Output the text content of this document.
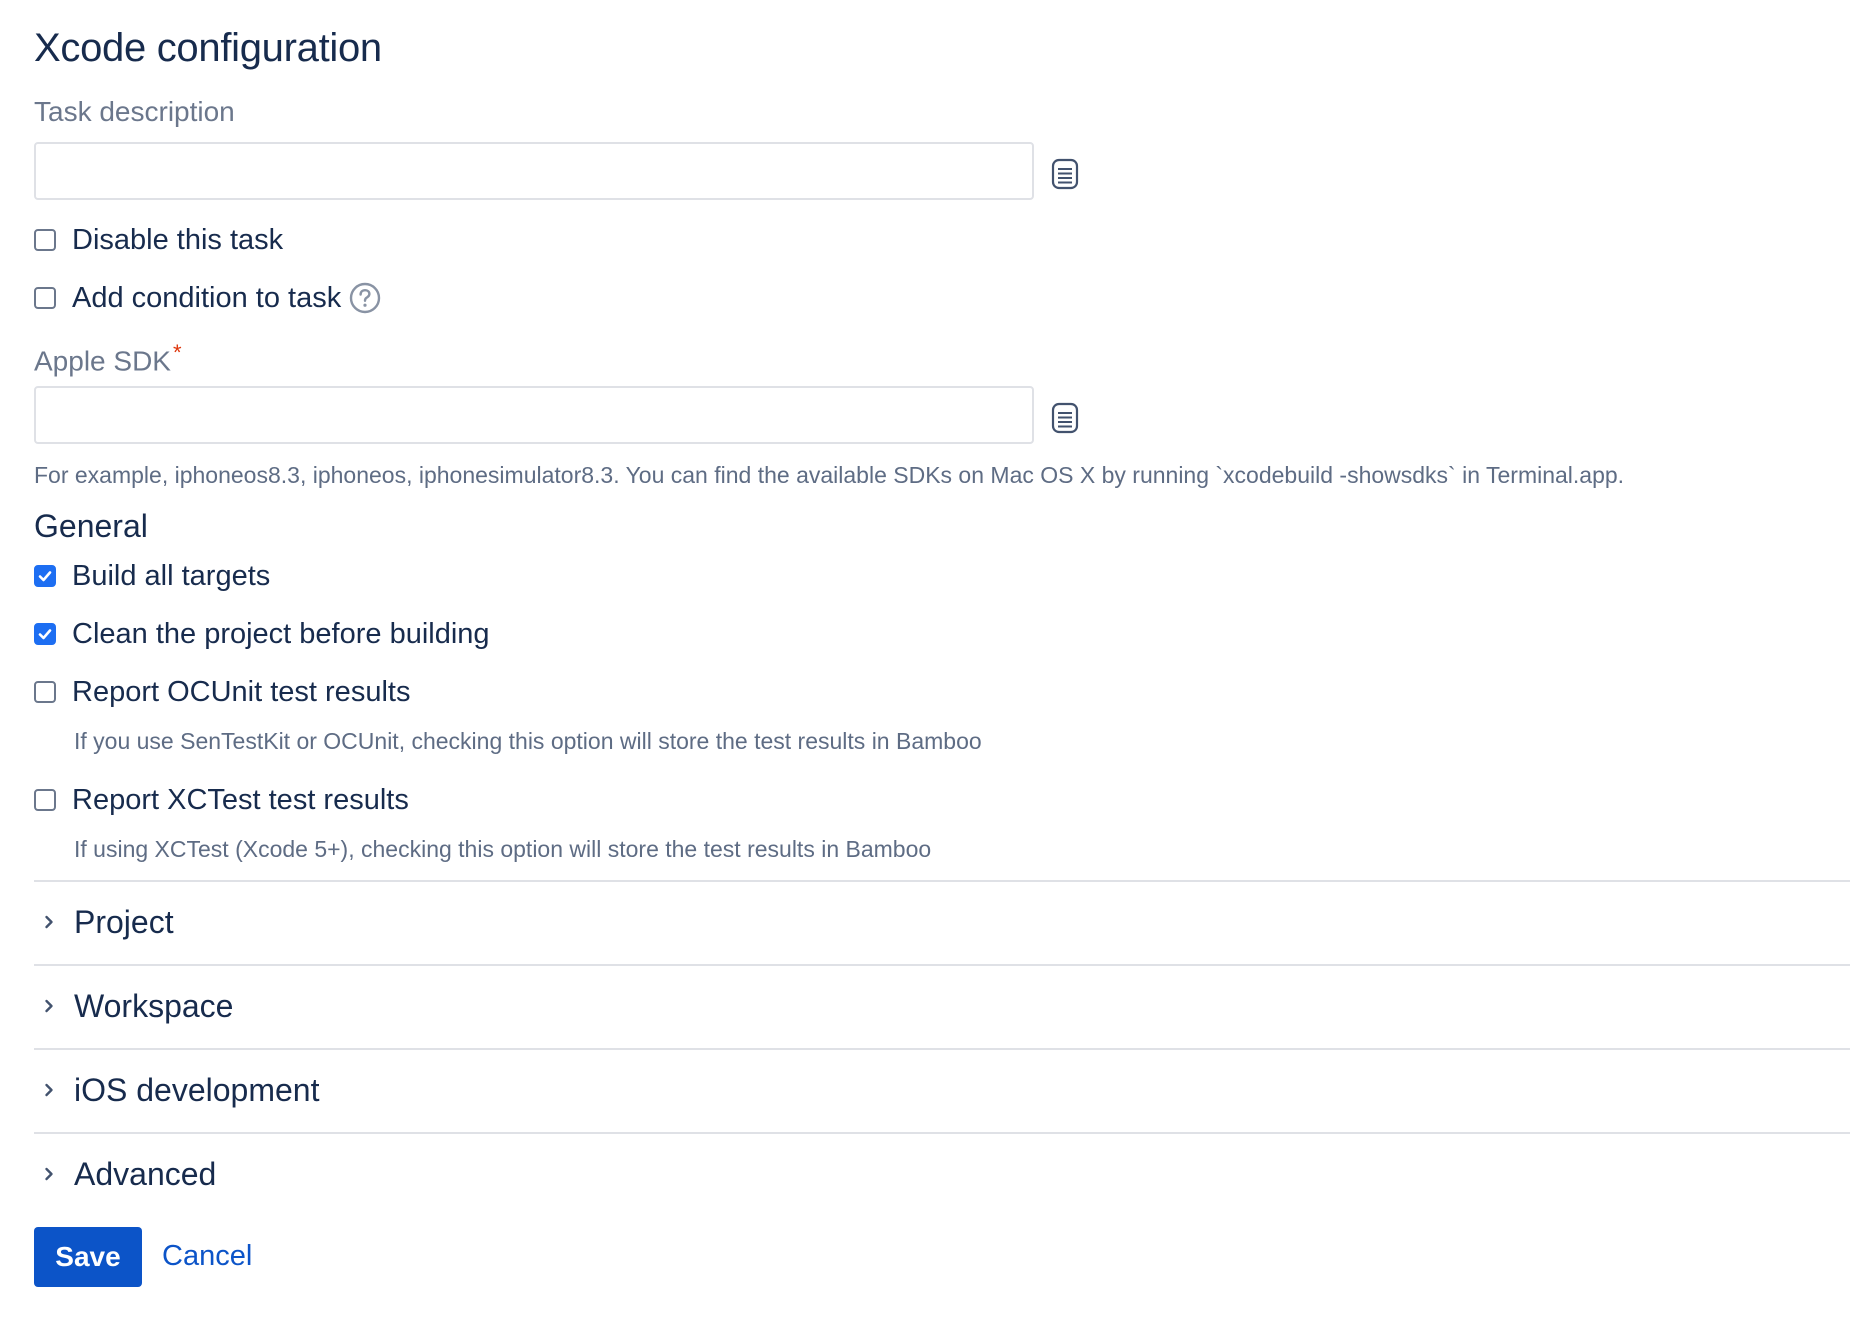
Xcode configuration
Task description
Disable this task
Add condition to task
Apple SDK*
For example, iphoneos8.3, iphoneos, iphonesimulator8.3. You can find the available SDKs on Mac OS X by running `xcodebuild -showsdks` in Terminal.app.
General
Build all targets
Clean the project before building
Report OCUnit test results
If you use SenTestKit or OCUnit, checking this option will store the test results in Bamboo
Report XCTest test results
If using XCTest (Xcode 5+), checking this option will store the test results in Bamboo
Project
Workspace
iOS development
Advanced
Save	Cancel
